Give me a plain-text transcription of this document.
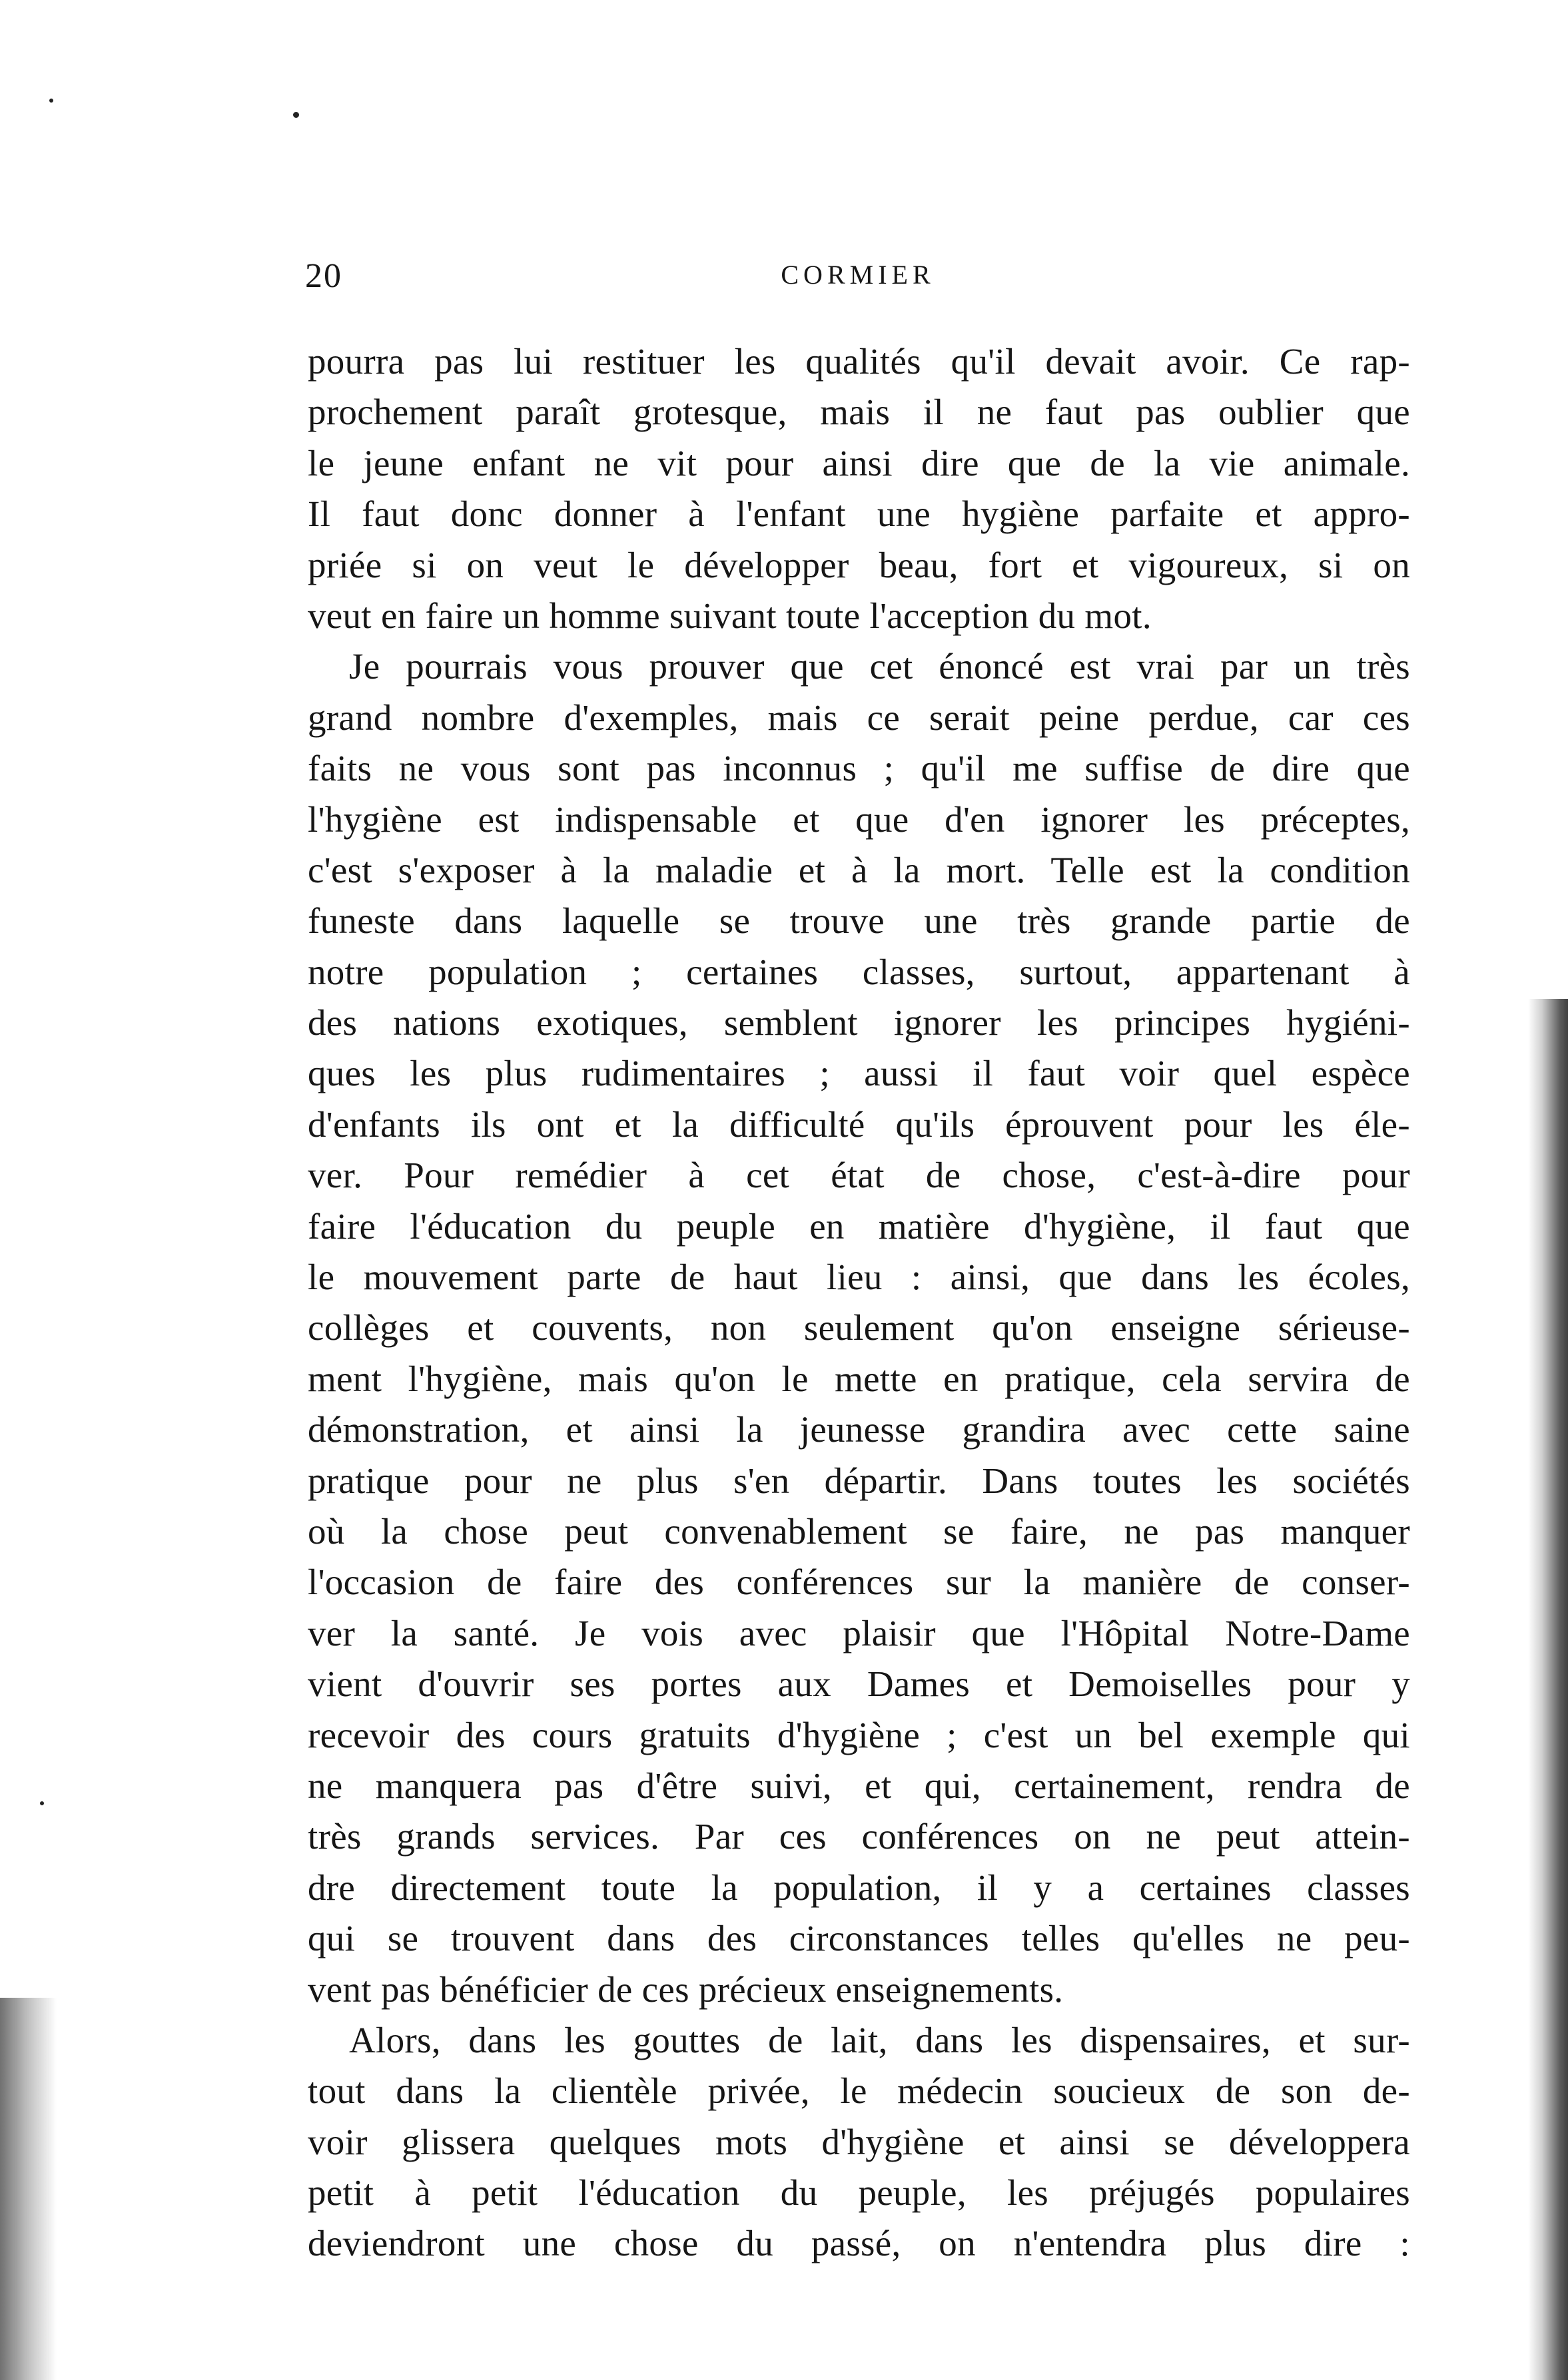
20	CORMIER
pourra pas lui restituer les qualités qu'il devait avoir. Ce rap-
prochement paraît grotesque, mais il ne faut pas oublier que
le jeune enfant ne vit pour ainsi dire que de la vie animale.
Il faut donc donner à l'enfant une hygiène parfaite et appro-
priée si on veut le développer beau, fort et vigoureux, si on
veut en faire un homme suivant toute l'acception du mot.
Je pourrais vous prouver que cet énoncé est vrai par un très
grand nombre d'exemples, mais ce serait peine perdue, car ces
faits ne vous sont pas inconnus ; qu'il me suffise de dire que
l'hygiène est indispensable et que d'en ignorer les préceptes,
c'est s'exposer à la maladie et à la mort. Telle est la condition
funeste dans laquelle se trouve une très grande partie de
notre population ; certaines classes, surtout, appartenant à
des nations exotiques, semblent ignorer les principes hygiéni-
ques les plus rudimentaires ; aussi il faut voir quel espèce
d'enfants ils ont et la difficulté qu'ils éprouvent pour les éle-
ver. Pour remédier à cet état de chose, c'est-à-dire pour
faire l'éducation du peuple en matière d'hygiène, il faut que
le mouvement parte de haut lieu : ainsi, que dans les écoles,
collèges et couvents, non seulement qu'on enseigne sérieuse-
ment l'hygiène, mais qu'on le mette en pratique, cela servira de
démonstration, et ainsi la jeunesse grandira avec cette saine
pratique pour ne plus s'en départir. Dans toutes les sociétés
où la chose peut convenablement se faire, ne pas manquer
l'occasion de faire des conférences sur la manière de conser-
ver la santé. Je vois avec plaisir que l'Hôpital Notre-Dame
vient d'ouvrir ses portes aux Dames et Demoiselles pour y
recevoir des cours gratuits d'hygiène ; c'est un bel exemple qui
ne manquera pas d'être suivi, et qui, certainement, rendra de
très grands services. Par ces conférences on ne peut attein-
dre directement toute la population, il y a certaines classes
qui se trouvent dans des circonstances telles qu'elles ne peu-
vent pas bénéficier de ces précieux enseignements.
Alors, dans les gouttes de lait, dans les dispensaires, et sur-
tout dans la clientèle privée, le médecin soucieux de son de-
voir glissera quelques mots d'hygiène et ainsi se développera
petit à petit l'éducation du peuple, les préjugés populaires
deviendront une chose du passé, on n'entendra plus dire :
